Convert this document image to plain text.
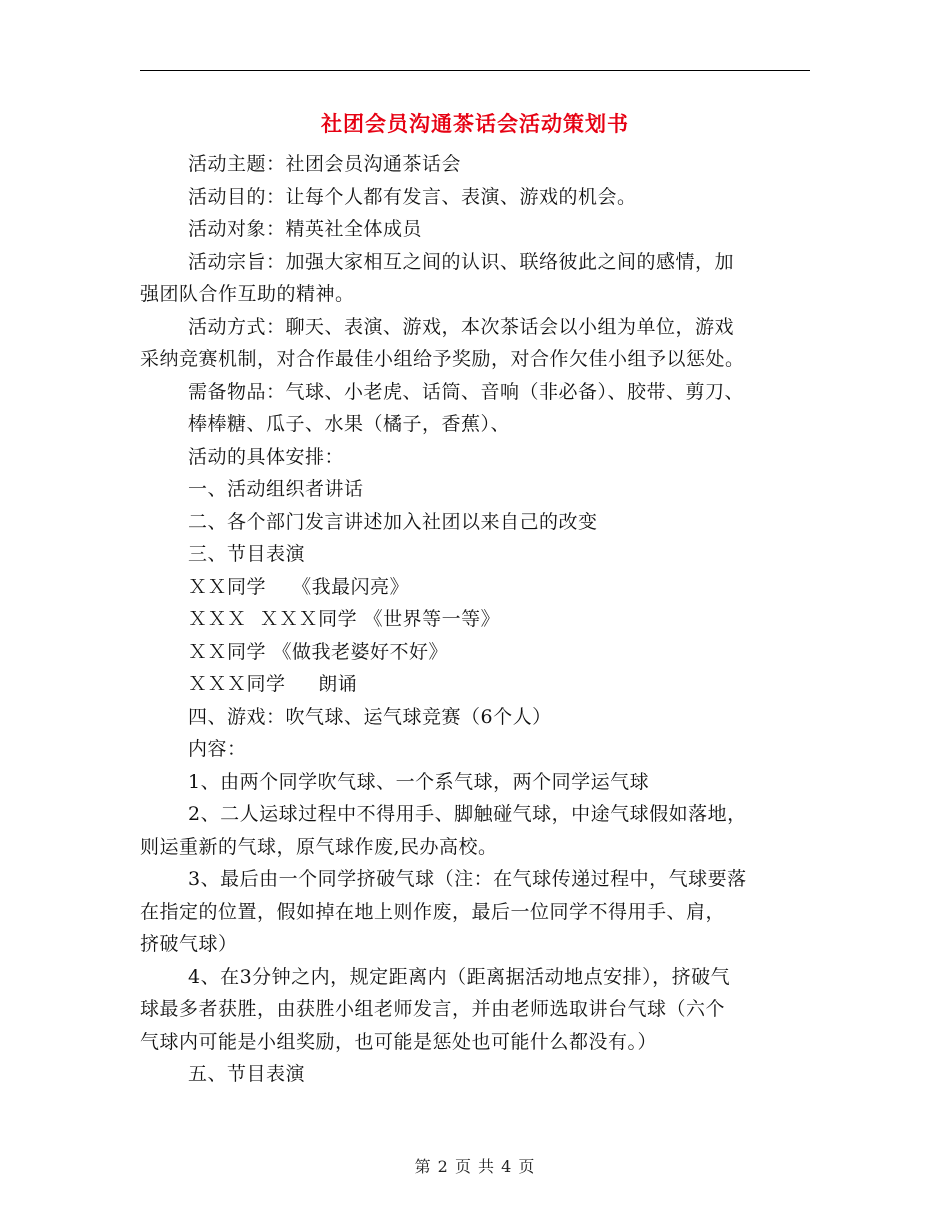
社团会员沟通茶话会活动策划书

活动主题：社团会员沟通茶话会

活动目的：让每个人都有发言、表演、游戏的机会。

活动对象：精英社全体成员

活动宗旨：加强大家相互之间的认识、联络彼此之间的感情，加

强团队合作互助的精神。

活动方式：聊天、表演、游戏，本次茶话会以小组为单位，游戏

采纳竞赛机制，对合作最佳小组给予奖励，对合作欠佳小组予以惩处。

需备物品：气球、小老虎、话筒、音响（非必备）、胶带、剪刀、

棒棒糖、瓜子、水果（橘子，香蕉）、

活动的具体安排：

一、活动组织者讲话

二、各个部门发言讲述加入社团以来自己的改变

三、节目表演

ＸＸ同学    《我最闪亮》

ＸＸＸ  ＸＸＸ同学 《世界等一等》

ＸＸ同学 《做我老婆好不好》

ＸＸＸ同学     朗诵

四、游戏：吹气球、运气球竞赛（6个人）

内容：

1、由两个同学吹气球、一个系气球，两个同学运气球

2、二人运球过程中不得用手、脚触碰气球，中途气球假如落地，

则运重新的气球，原气球作废,民办高校。

3、最后由一个同学挤破气球（注：在气球传递过程中，气球要落

在指定的位置，假如掉在地上则作废，最后一位同学不得用手、肩，

挤破气球）

4、在3分钟之内，规定距离内（距离据活动地点安排），挤破气

球最多者获胜，由获胜小组老师发言，并由老师选取讲台气球（六个

气球内可能是小组奖励，也可能是惩处也可能什么都没有。）

五、节目表演

第 2 页 共 4 页
